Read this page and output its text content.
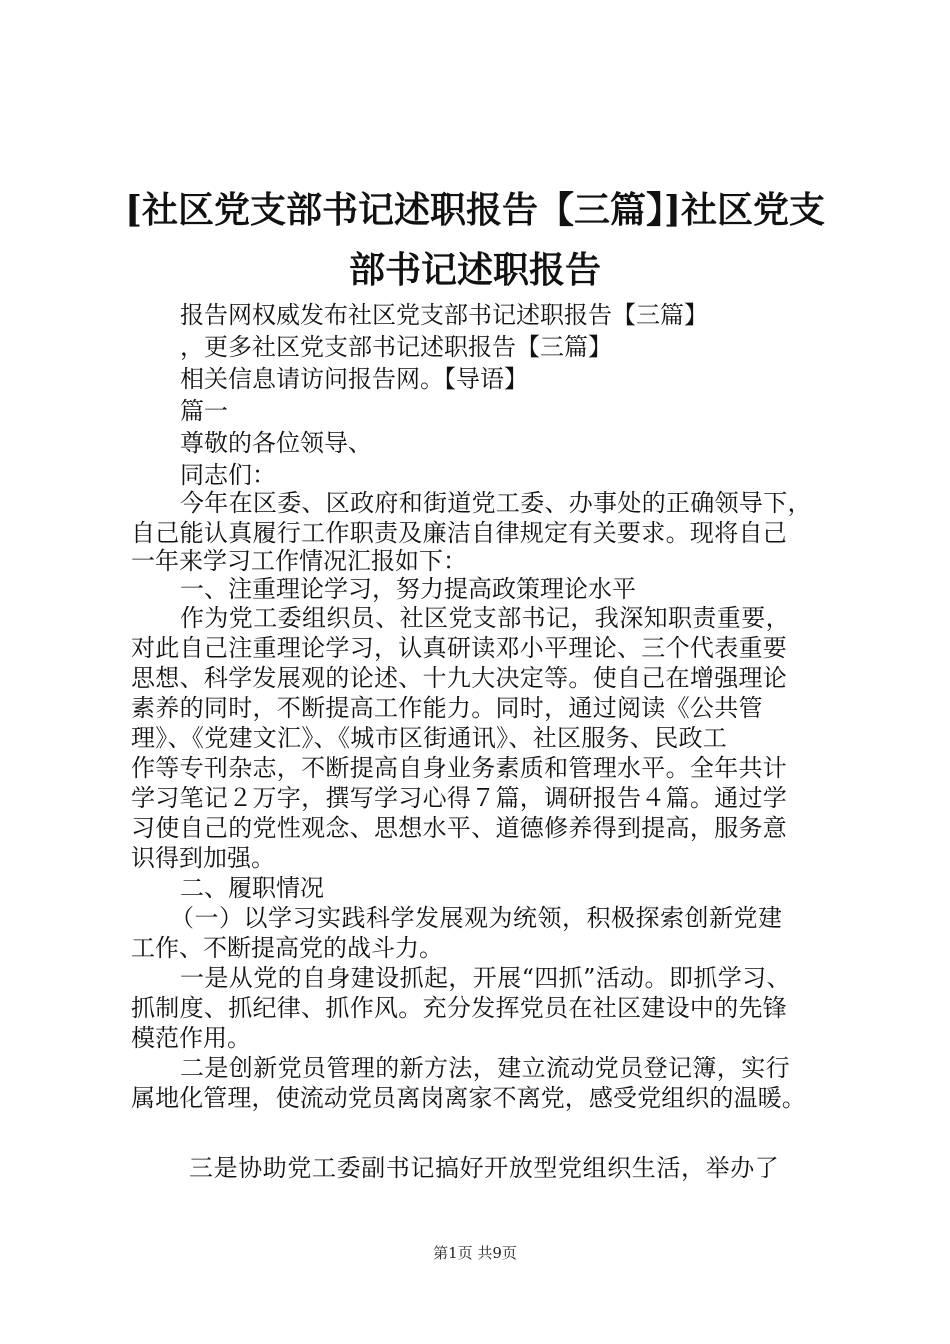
[社区党支部书记述职报告【三篇】]社区党支
部书记述职报告
报告网权威发布社区党支部书记述职报告【三篇】
，更多社区党支部书记述职报告【三篇】
相关信息请访问报告网。【导语】
篇一
尊敬的各位领导、
同志们：
今年在区委、区政府和街道党工委、办事处的正确领导下，
自己能认真履行工作职责及廉洁自律规定有关要求。现将自己
一年来学习工作情况汇报如下：
一、注重理论学习，努力提高政策理论水平
作为党工委组织员、社区党支部书记，我深知职责重要，
对此自己注重理论学习，认真研读邓小平理论、三个代表重要
思想、科学发展观的论述、十九大决定等。使自己在增强理论
素养的同时，不断提高工作能力。同时，通过阅读《公共管
理》、《党建文汇》、《城市区街通讯》、社区服务、民政工
作等专刊杂志，不断提高自身业务素质和管理水平。全年共计
学习笔记２万字，撰写学习心得７篇，调研报告４篇。通过学
习使自己的党性观念、思想水平、道德修养得到提高，服务意
识得到加强。
二、履职情况
（一）以学习实践科学发展观为统领，积极探索创新党建
工作、不断提高党的战斗力。
一是从党的自身建设抓起，开展“四抓”活动。即抓学习、
抓制度、抓纪律、抓作风。充分发挥党员在社区建设中的先锋
模范作用。
二是创新党员管理的新方法，建立流动党员登记簿，实行
属地化管理，使流动党员离岗离家不离党，感受党组织的温暖。
三是协助党工委副书记搞好开放型党组织生活，举办了
第1页 共9页
